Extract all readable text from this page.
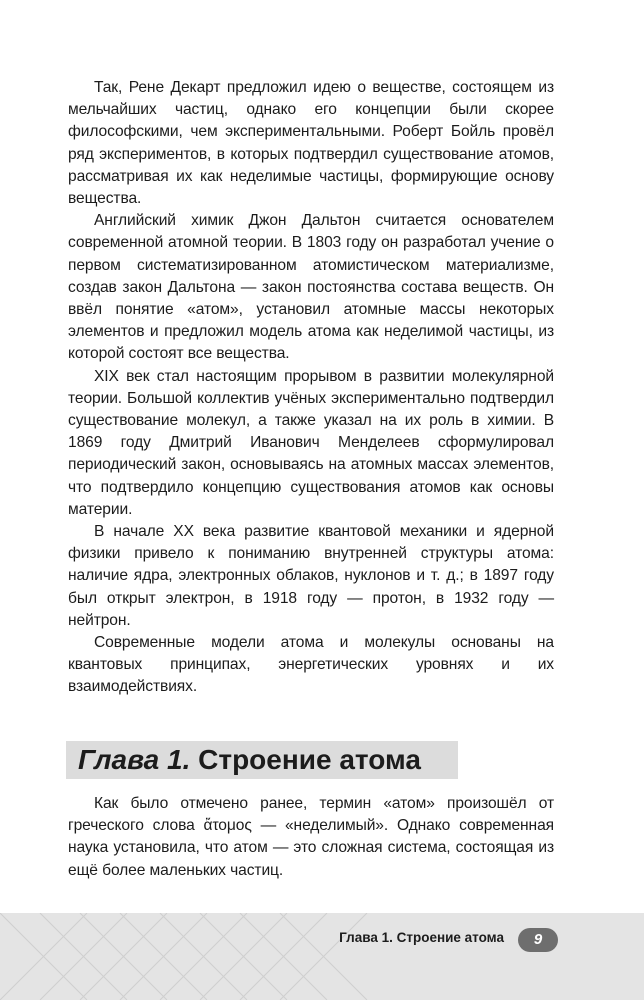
Так, Рене Декарт предложил идею о веществе, состоящем из мельчайших частиц, однако его концепции были скорее философскими, чем экспериментальными. Роберт Бойль провёл ряд экспериментов, в которых подтвердил существование атомов, рассматривая их как неделимые частицы, формирующие основу вещества.

Английский химик Джон Дальтон считается основателем современной атомной теории. В 1803 году он разработал учение о первом систематизированном атомистическом материализме, создав закон Дальтона — закон постоянства состава веществ. Он ввёл понятие «атом», установил атомные массы некоторых элементов и предложил модель атома как неделимой частицы, из которой состоят все вещества.

XIX век стал настоящим прорывом в развитии молекулярной теории. Большой коллектив учёных экспериментально подтвердил существование молекул, а также указал на их роль в химии. В 1869 году Дмитрий Иванович Менделеев сформулировал периодический закон, основываясь на атомных массах элементов, что подтвердило концепцию существования атомов как основы материи.

В начале XX века развитие квантовой механики и ядерной физики привело к пониманию внутренней структуры атома: наличие ядра, электронных облаков, нуклонов и т. д.; в 1897 году был открыт электрон, в 1918 году — протон, в 1932 году — нейтрон.

Современные модели атома и молекулы основаны на квантовых принципах, энергетических уровнях и их взаимодействиях.

Глава 1. Строение атома

Как было отмечено ранее, термин «атом» произошёл от греческого слова ἄτομος — «неделимый». Однако современная наука установила, что атом — это сложная система, состоящая из ещё более маленьких частиц.

Глава 1. Строение атома	9
